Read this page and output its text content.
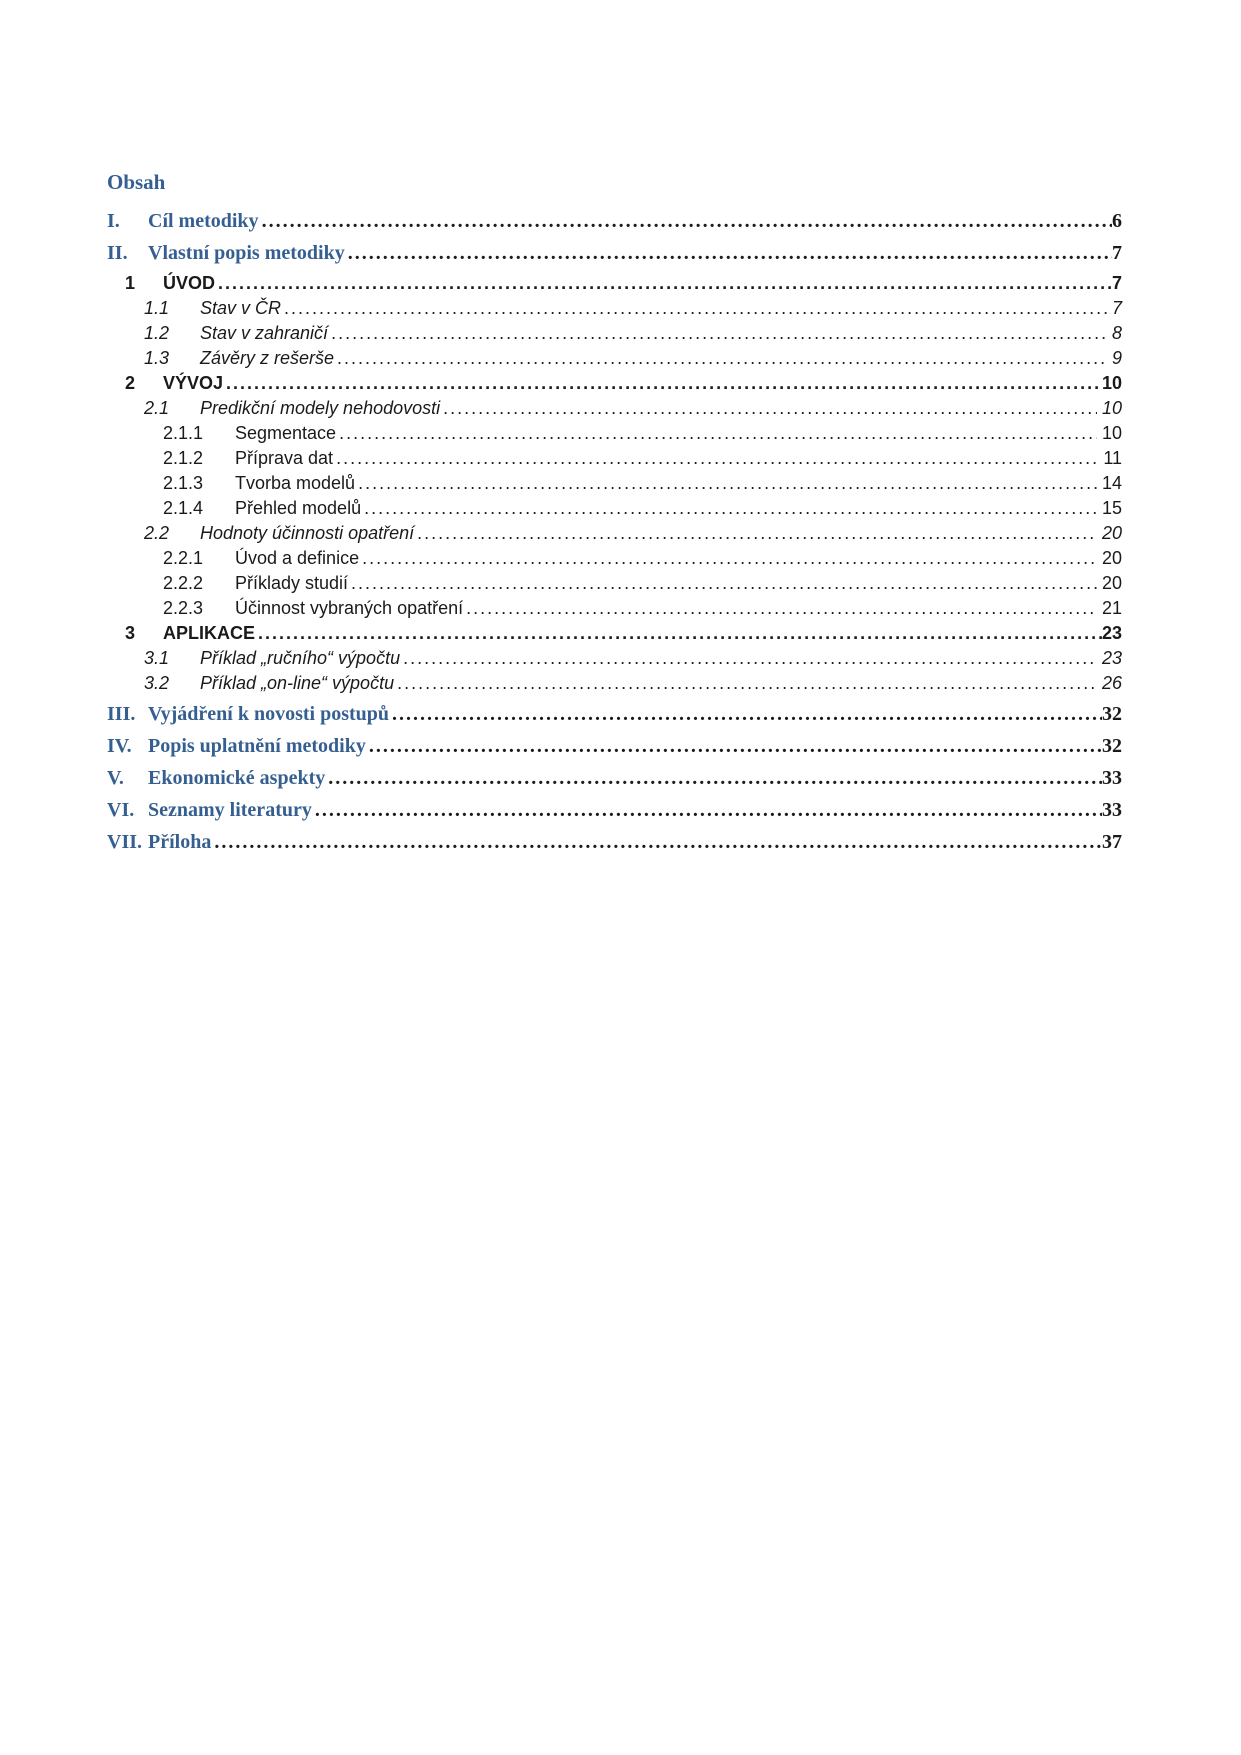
Obsah
I.	Cíl metodiky .....	6
II.	Vlastní popis metodiky .....	7
1	ÚVOD .....	7
1.1	Stav v ČR .....	7
1.2	Stav v zahraničí .....	8
1.3	Závěry z rešerše .....	9
2	VÝVOJ .....	10
2.1	Predikční modely nehodovosti .....	10
2.1.1	Segmentace .....	10
2.1.2	Příprava dat .....	11
2.1.3	Tvorba modelů .....	14
2.1.4	Přehled modelů .....	15
2.2	Hodnoty účinnosti opatření .....	20
2.2.1	Úvod a definice .....	20
2.2.2	Příklady studií .....	20
2.2.3	Účinnost vybraných opatření .....	21
3	APLIKACE .....	23
3.1	Příklad „ručního“ výpočtu .....	23
3.2	Příklad „on-line“ výpočtu .....	26
III. Vyjádření k novosti postupů .....	32
IV. Popis uplatnění metodiky .....	32
V.	Ekonomické aspekty .....	33
VI. Seznamy literatury .....	33
VII. Příloha .....	37
